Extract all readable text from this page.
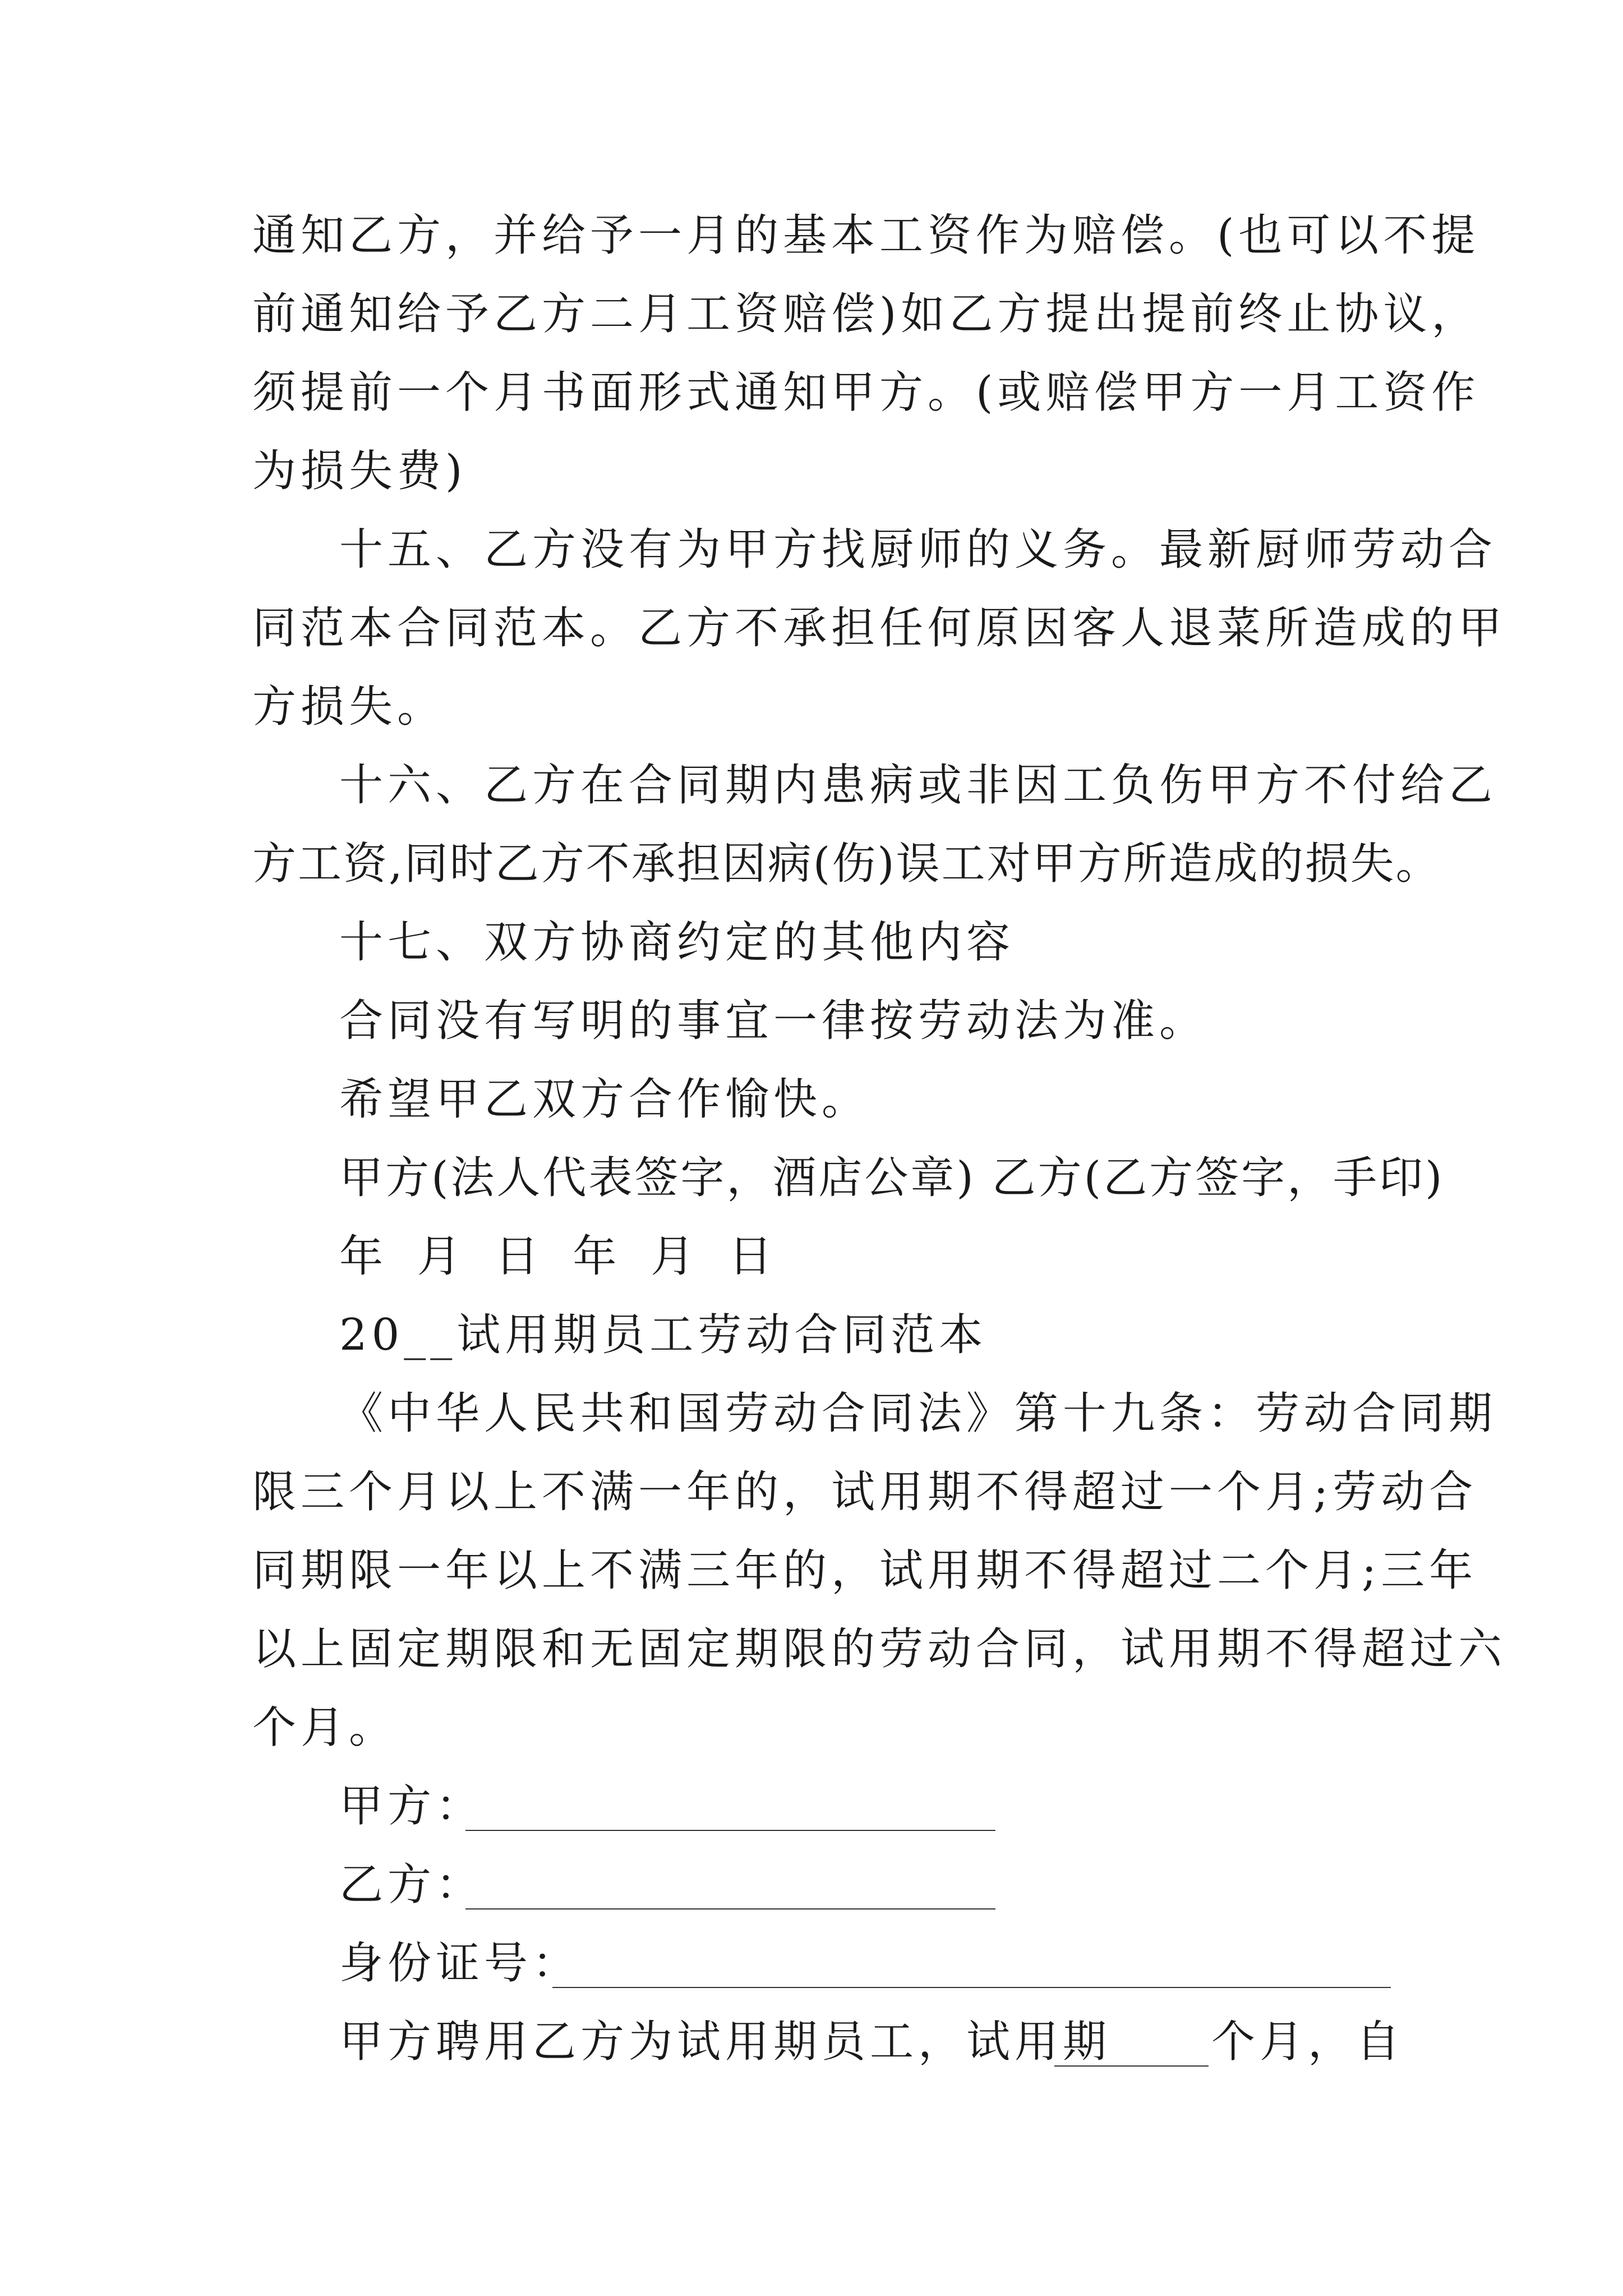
通知乙方，并给予一月的基本工资作为赔偿。(也可以不提
前通知给予乙方二月工资赔偿)如乙方提出提前终止协议，
须提前一个月书面形式通知甲方。(或赔偿甲方一月工资作
为损失费)
十五、乙方没有为甲方找厨师的义务。最新厨师劳动合
同范本合同范本。乙方不承担任何原因客人退菜所造成的甲
方损失。
十六、乙方在合同期内患病或非因工负伤甲方不付给乙
方工资,同时乙方不承担因病(伤)误工对甲方所造成的损失。
十七、双方协商约定的其他内容
合同没有写明的事宜一律按劳动法为准。
希望甲乙双方合作愉快。
甲方(法人代表签字，酒店公章) 乙方(乙方签字，手印)
年 月 日 年 月 日
20__试用期员工劳动合同范本
《中华人民共和国劳动合同法》第十九条：劳动合同期
限三个月以上不满一年的，试用期不得超过一个月;劳动合
同期限一年以上不满三年的，试用期不得超过二个月;三年
以上固定期限和无固定期限的劳动合同，试用期不得超过六
个月。
甲方：
乙方：
身份证号：
甲方聘用乙方为试用期员工，试用期 个月，自
